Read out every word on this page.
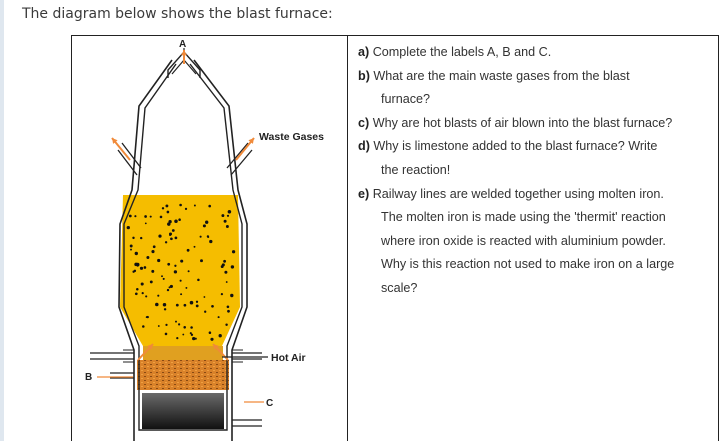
The diagram below shows the blast furnace:
A
B
C
Waste Gases
Hot Air
a) Complete the labels A, B and C.
b) What are the main waste gases from the blast
furnace?
c) Why are hot blasts of air blown into the blast furnace?
d) Why is limestone added to the blast furnace? Write
the reaction!
e) Railway lines are welded together using molten iron.
The molten iron is made using the 'thermit' reaction
where iron oxide is reacted with aluminium powder.
Why is this reaction not used to make iron on a large
scale?
